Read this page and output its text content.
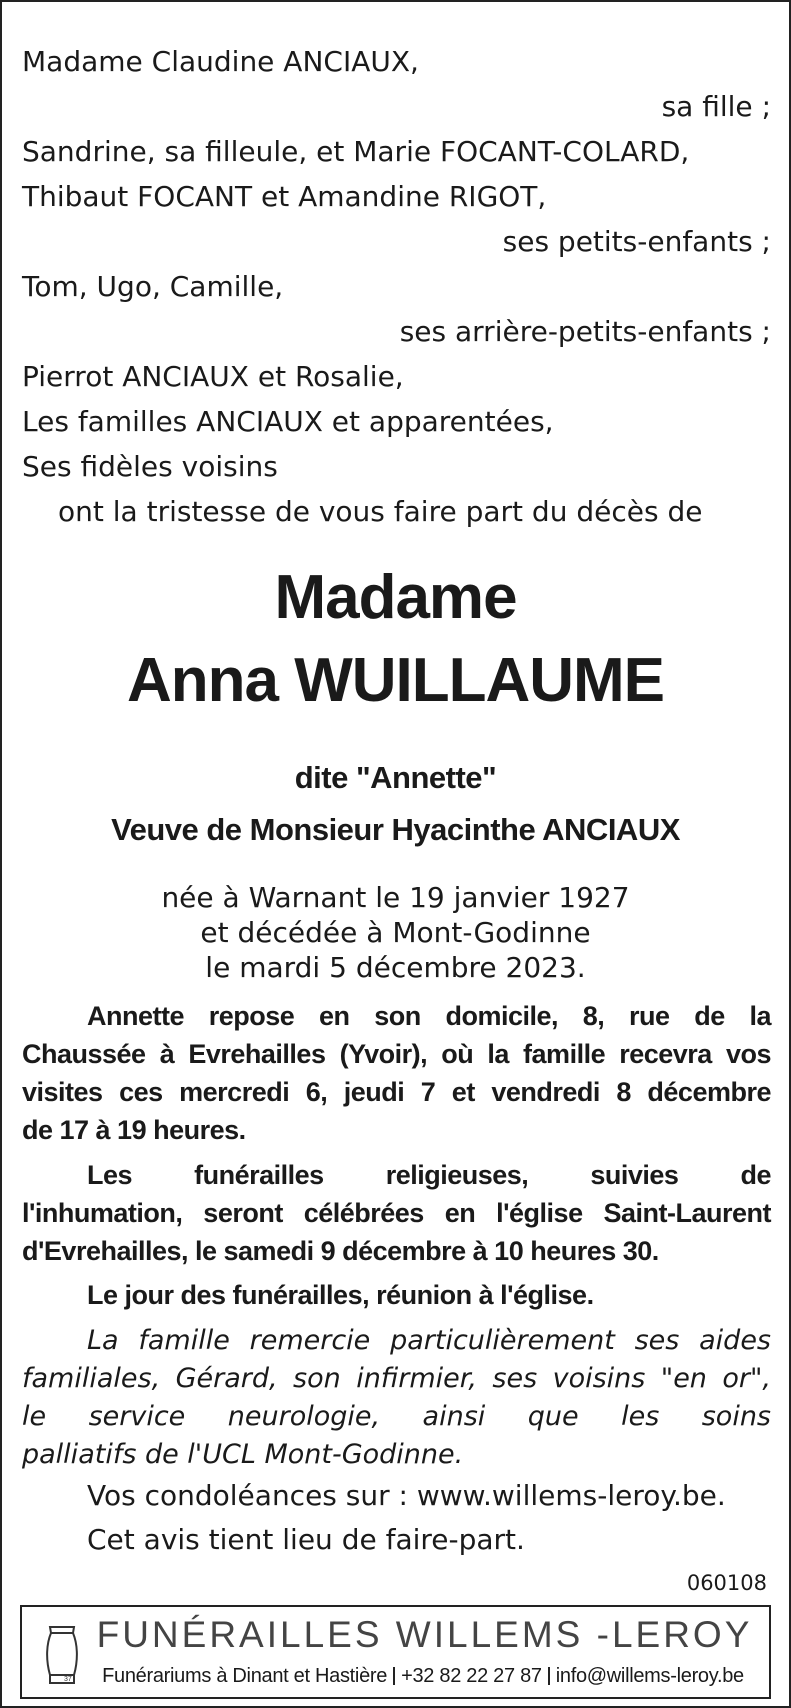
Madame Claudine ANCIAUX,

sa fille ;

Sandrine, sa filleule, et Marie FOCANT-COLARD,

Thibaut FOCANT et Amandine RIGOT,

ses petits-enfants ;

Tom, Ugo, Camille,

ses arrière-petits-enfants ;

Pierrot ANCIAUX et Rosalie,

Les familles ANCIAUX et apparentées,

Ses fidèles voisins

ont la tristesse de vous faire part du décès de

Madame

Anna WUILLAUME

dite "Annette"

Veuve de Monsieur Hyacinthe ANCIAUX

née à Warnant le 19 janvier 1927

et décédée à Mont-Godinne

le mardi 5 décembre 2023.

Annette repose en son domicile, 8, rue de la

Chaussée à Evrehailles (Yvoir), où la famille recevra vos

visites ces mercredi 6, jeudi 7 et vendredi 8 décembre

de 17 à 19 heures.

Les funérailles religieuses, suivies de

l'inhumation, seront célébrées en l'église Saint-Laurent

d'Evrehailles, le samedi 9 décembre à 10 heures 30.

Le jour des funérailles, réunion à l'église.

La famille remercie particulièrement ses aides

familiales, Gérard, son infirmier, ses voisins "en or",

le service neurologie, ainsi que les soins

palliatifs de l'UCL Mont-Godinne.

Vos condoléances sur : www.willems-leroy.be.

Cet avis tient lieu de faire-part.

060108

37
FUNÉRAILLES WILLEMS -LEROY
Funérariums à Dinant et Hastière +32 82 22 27 87 info@willems-leroy.be
